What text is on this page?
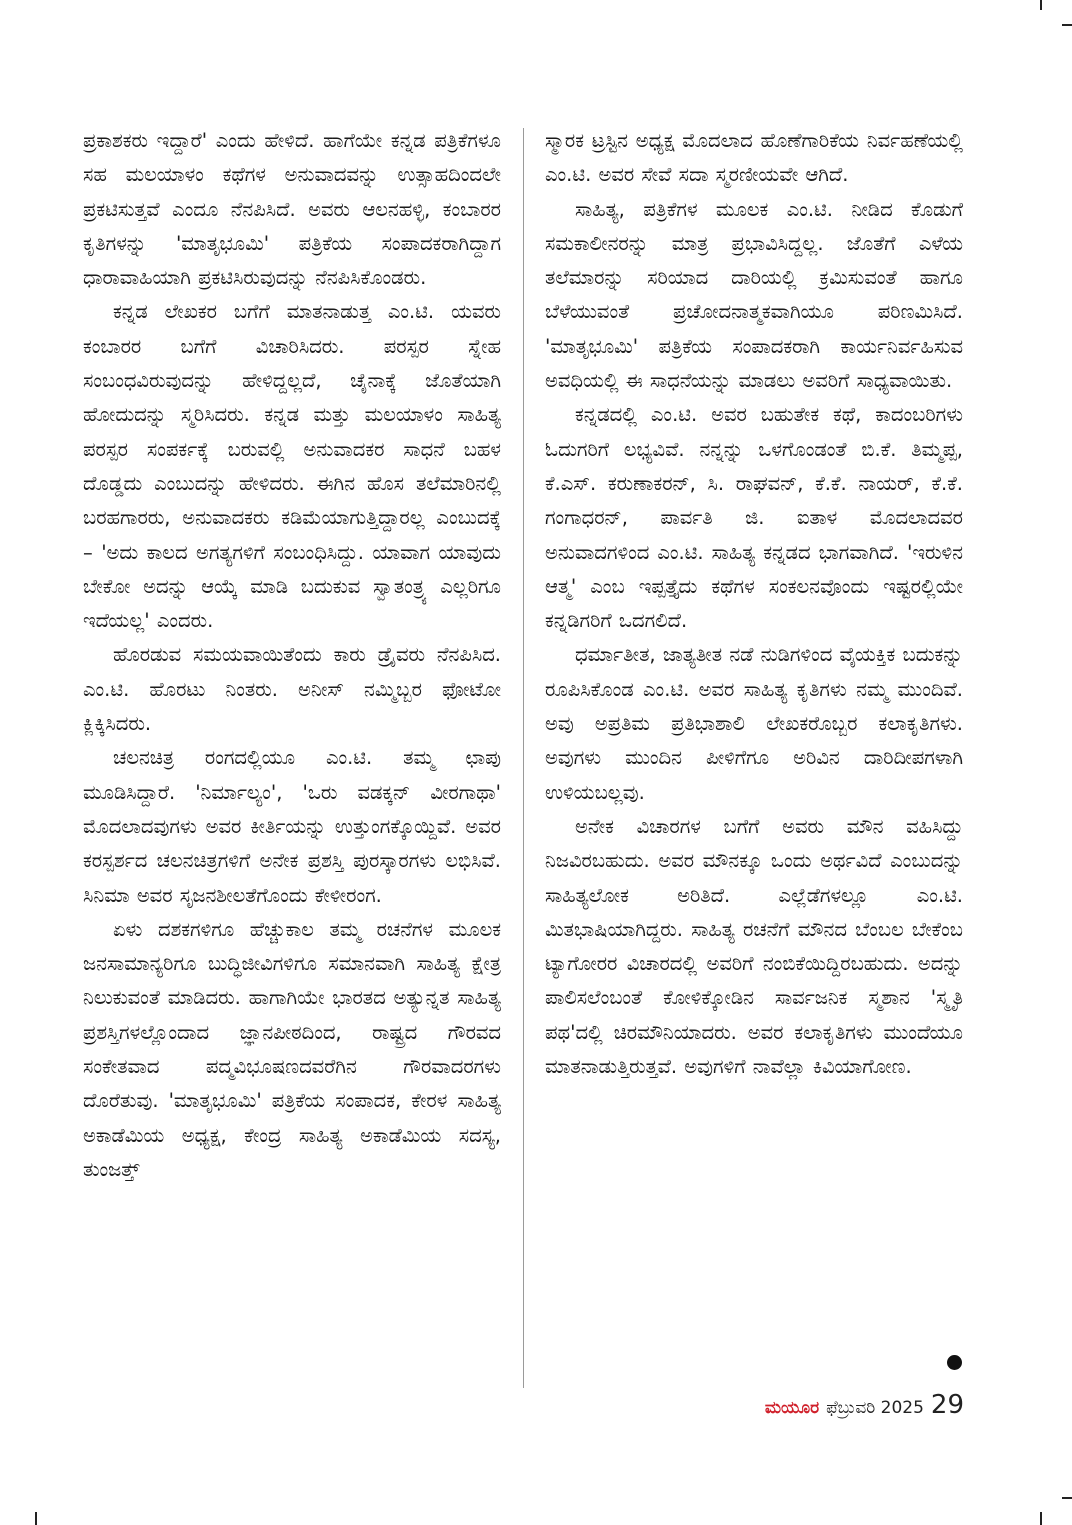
ಪ್ರಕಾಶಕರು ಇದ್ದಾರೆ' ಎಂದು ಹೇಳಿದೆ. ಹಾಗೆಯೇ ಕನ್ನಡ ಪತ್ರಿಕೆಗಳೂ ಸಹ ಮಲಯಾಳಂ ಕಥೆಗಳ ಅನುವಾದವನ್ನು ಉತ್ಸಾಹದಿಂದಲೇ ಪ್ರಕಟಿಸುತ್ತವೆ ಎಂದೂ ನೆನಪಿಸಿದೆ. ಅವರು ಆಲನಹಳ್ಳಿ, ಕಂಬಾರರ ಕೃತಿಗಳನ್ನು 'ಮಾತೃಭೂಮಿ' ಪತ್ರಿಕೆಯ ಸಂಪಾದಕರಾಗಿದ್ದಾಗ ಧಾರಾವಾಹಿಯಾಗಿ ಪ್ರಕಟಿಸಿರುವುದನ್ನು ನೆನಪಿಸಿಕೊಂಡರು.

ಕನ್ನಡ ಲೇಖಕರ ಬಗೆಗೆ ಮಾತನಾಡುತ್ತ ಎಂ.ಟಿ. ಯವರು ಕಂಬಾರರ ಬಗೆಗೆ ವಿಚಾರಿಸಿದರು. ಪರಸ್ಪರ ಸ್ನೇಹ ಸಂಬಂಧವಿರುವುದನ್ನು ಹೇಳಿದ್ದಲ್ಲದೆ, ಚೈನಾಕ್ಕೆ ಜೊತೆಯಾಗಿ ಹೋದುದನ್ನು ಸ್ಮರಿಸಿದರು. ಕನ್ನಡ ಮತ್ತು ಮಲಯಾಳಂ ಸಾಹಿತ್ಯ ಪರಸ್ಪರ ಸಂಪರ್ಕಕ್ಕೆ ಬರುವಲ್ಲಿ ಅನುವಾದಕರ ಸಾಧನೆ ಬಹಳ ದೊಡ್ಡದು ಎಂಬುದನ್ನು ಹೇಳಿದರು. ಈಗಿನ ಹೊಸ ತಲೆಮಾರಿನಲ್ಲಿ ಬರಹಗಾರರು, ಅನುವಾದಕರು ಕಡಿಮೆಯಾಗುತ್ತಿದ್ದಾರಲ್ಲ ಎಂಬುದಕ್ಕೆ – 'ಅದು ಕಾಲದ ಅಗತ್ಯಗಳಿಗೆ ಸಂಬಂಧಿಸಿದ್ದು. ಯಾವಾಗ ಯಾವುದು ಬೇಕೋ ಅದನ್ನು ಆಯ್ಕೆ ಮಾಡಿ ಬದುಕುವ ಸ್ವಾತಂತ್ರ್ಯ ಎಲ್ಲರಿಗೂ ಇದೆಯಲ್ಲ' ಎಂದರು.

ಹೊರಡುವ ಸಮಯವಾಯಿತೆಂದು ಕಾರು ಡ್ರೈವರು ನೆನಪಿಸಿದ. ಎಂ.ಟಿ. ಹೊರಟು ನಿಂತರು. ಅನೀಸ್ ನಮ್ಮಿಬ್ಬರ ಫೋಟೋ ಕ್ಲಿಕ್ಕಿಸಿದರು.

ಚಲನಚಿತ್ರ ರಂಗದಲ್ಲಿಯೂ ಎಂ.ಟಿ. ತಮ್ಮ ಛಾಪು ಮೂಡಿಸಿದ್ದಾರೆ. 'ನಿರ್ಮಾಲ್ಯಂ', 'ಒರು ವಡಕ್ಕನ್ ವೀರಗಾಥಾ' ಮೊದಲಾದವುಗಳು ಅವರ ಕೀರ್ತಿಯನ್ನು ಉತ್ತುಂಗಕ್ಕೊಯ್ದಿವೆ. ಅವರ ಕರಸ್ಪರ್ಶದ ಚಲನಚಿತ್ರಗಳಿಗೆ ಅನೇಕ ಪ್ರಶಸ್ತಿ ಪುರಸ್ಕಾರಗಳು ಲಭಿಸಿವೆ. ಸಿನಿಮಾ ಅವರ ಸೃಜನಶೀಲತೆಗೊಂದು ಕೇಳೀರಂಗ.

ಏಳು ದಶಕಗಳಿಗೂ ಹೆಚ್ಚುಕಾಲ ತಮ್ಮ ರಚನೆಗಳ ಮೂಲಕ ಜನಸಾಮಾನ್ಯರಿಗೂ ಬುದ್ಧಿಜೀವಿಗಳಿಗೂ ಸಮಾನವಾಗಿ ಸಾಹಿತ್ಯ ಕ್ಷೇತ್ರ ನಿಲುಕುವಂತೆ ಮಾಡಿದರು. ಹಾಗಾಗಿಯೇ ಭಾರತದ ಅತ್ಯುನ್ನತ ಸಾಹಿತ್ಯ ಪ್ರಶಸ್ತಿಗಳಲ್ಲೊಂದಾದ ಜ್ಞಾನಪೀಠದಿಂದ, ರಾಷ್ಟ್ರದ ಗೌರವದ ಸಂಕೇತವಾದ ಪದ್ಮವಿಭೂಷಣದವರೆಗಿನ ಗೌರವಾದರಗಳು ದೊರೆತುವು. 'ಮಾತೃಭೂಮಿ' ಪತ್ರಿಕೆಯ ಸಂಪಾದಕ, ಕೇರಳ ಸಾಹಿತ್ಯ ಅಕಾಡೆಮಿಯ ಅಧ್ಯಕ್ಷ, ಕೇಂದ್ರ ಸಾಹಿತ್ಯ ಅಕಾಡೆಮಿಯ ಸದಸ್ಯ, ತುಂಜತ್ತ್

ಸ್ಮಾರಕ ಟ್ರಸ್ಟಿನ ಅಧ್ಯಕ್ಷ ಮೊದಲಾದ ಹೊಣೆಗಾರಿಕೆಯ ನಿರ್ವಹಣೆಯಲ್ಲಿ ಎಂ.ಟಿ. ಅವರ ಸೇವೆ ಸದಾ ಸ್ಮರಣೀಯವೇ ಆಗಿದೆ.

ಸಾಹಿತ್ಯ, ಪತ್ರಿಕೆಗಳ ಮೂಲಕ ಎಂ.ಟಿ. ನೀಡಿದ ಕೊಡುಗೆ ಸಮಕಾಲೀನರನ್ನು ಮಾತ್ರ ಪ್ರಭಾವಿಸಿದ್ದಲ್ಲ. ಜೊತೆಗೆ ಎಳೆಯ ತಲೆಮಾರನ್ನು ಸರಿಯಾದ ದಾರಿಯಲ್ಲಿ ಕ್ರಮಿಸುವಂತೆ ಹಾಗೂ ಬೆಳೆಯುವಂತೆ ಪ್ರಚೋದನಾತ್ಮಕವಾಗಿಯೂ ಪರಿಣಮಿಸಿದೆ. 'ಮಾತೃಭೂಮಿ' ಪತ್ರಿಕೆಯ ಸಂಪಾದಕರಾಗಿ ಕಾರ್ಯನಿರ್ವಹಿಸುವ ಅವಧಿಯಲ್ಲಿ ಈ ಸಾಧನೆಯನ್ನು ಮಾಡಲು ಅವರಿಗೆ ಸಾಧ್ಯವಾಯಿತು.

ಕನ್ನಡದಲ್ಲಿ ಎಂ.ಟಿ. ಅವರ ಬಹುತೇಕ ಕಥೆ, ಕಾದಂಬರಿಗಳು ಓದುಗರಿಗೆ ಲಭ್ಯವಿವೆ. ನನ್ನನ್ನು ಒಳಗೊಂಡಂತೆ ಬಿ.ಕೆ. ತಿಮ್ಮಪ್ಪ, ಕೆ.ಎಸ್. ಕರುಣಾಕರನ್, ಸಿ. ರಾಘವನ್, ಕೆ.ಕೆ. ನಾಯರ್, ಕೆ.ಕೆ. ಗಂಗಾಧರನ್, ಪಾರ್ವತಿ ಜಿ. ಐತಾಳ ಮೊದಲಾದವರ ಅನುವಾದಗಳಿಂದ ಎಂ.ಟಿ. ಸಾಹಿತ್ಯ ಕನ್ನಡದ ಭಾಗವಾಗಿದೆ. 'ಇರುಳಿನ ಆತ್ಮ' ಎಂಬ ಇಪ್ಪತ್ತೈದು ಕಥೆಗಳ ಸಂಕಲನವೊಂದು ಇಷ್ಟರಲ್ಲಿಯೇ ಕನ್ನಡಿಗರಿಗೆ ಒದಗಲಿದೆ.

ಧರ್ಮಾತೀತ, ಜಾತ್ಯತೀತ ನಡೆ ನುಡಿಗಳಿಂದ ವೈಯಕ್ತಿಕ ಬದುಕನ್ನು ರೂಪಿಸಿಕೊಂಡ ಎಂ.ಟಿ. ಅವರ ಸಾಹಿತ್ಯ ಕೃತಿಗಳು ನಮ್ಮ ಮುಂದಿವೆ. ಅವು ಅಪ್ರತಿಮ ಪ್ರತಿಭಾಶಾಲಿ ಲೇಖಕರೊಬ್ಬರ ಕಲಾಕೃತಿಗಳು. ಅವುಗಳು ಮುಂದಿನ ಪೀಳಿಗೆಗೂ ಅರಿವಿನ ದಾರಿದೀಪಗಳಾಗಿ ಉಳಿಯಬಲ್ಲವು.

ಅನೇಕ ವಿಚಾರಗಳ ಬಗೆಗೆ ಅವರು ಮೌನ ವಹಿಸಿದ್ದು ನಿಜವಿರಬಹುದು. ಅವರ ಮೌನಕ್ಕೂ ಒಂದು ಅರ್ಥವಿದೆ ಎಂಬುದನ್ನು ಸಾಹಿತ್ಯಲೋಕ ಅರಿತಿದೆ. ಎಲ್ಲೆಡೆಗಳಲ್ಲೂ ಎಂ.ಟಿ. ಮಿತಭಾಷಿಯಾಗಿದ್ದರು. ಸಾಹಿತ್ಯ ರಚನೆಗೆ ಮೌನದ ಬೆಂಬಲ ಬೇಕೆಂಬ ಟ್ಯಾಗೋರರ ವಿಚಾರದಲ್ಲಿ ಅವರಿಗೆ ನಂಬಿಕೆಯಿದ್ದಿರಬಹುದು. ಅದನ್ನು ಪಾಲಿಸಲೆಂಬಂತೆ ಕೋಳಿಕ್ಕೋಡಿನ ಸಾರ್ವಜನಿಕ ಸ್ಮಶಾನ 'ಸ್ಮೃತಿ ಪಥ'ದಲ್ಲಿ ಚಿರಮೌನಿಯಾದರು. ಅವರ ಕಲಾಕೃತಿಗಳು ಮುಂದೆಯೂ ಮಾತನಾಡುತ್ತಿರುತ್ತವೆ. ಅವುಗಳಿಗೆ ನಾವೆಲ್ಲಾ ಕಿವಿಯಾಗೋಣ.

ಮಯೂರ ಫೆಬ್ರುವರಿ 2025 29
